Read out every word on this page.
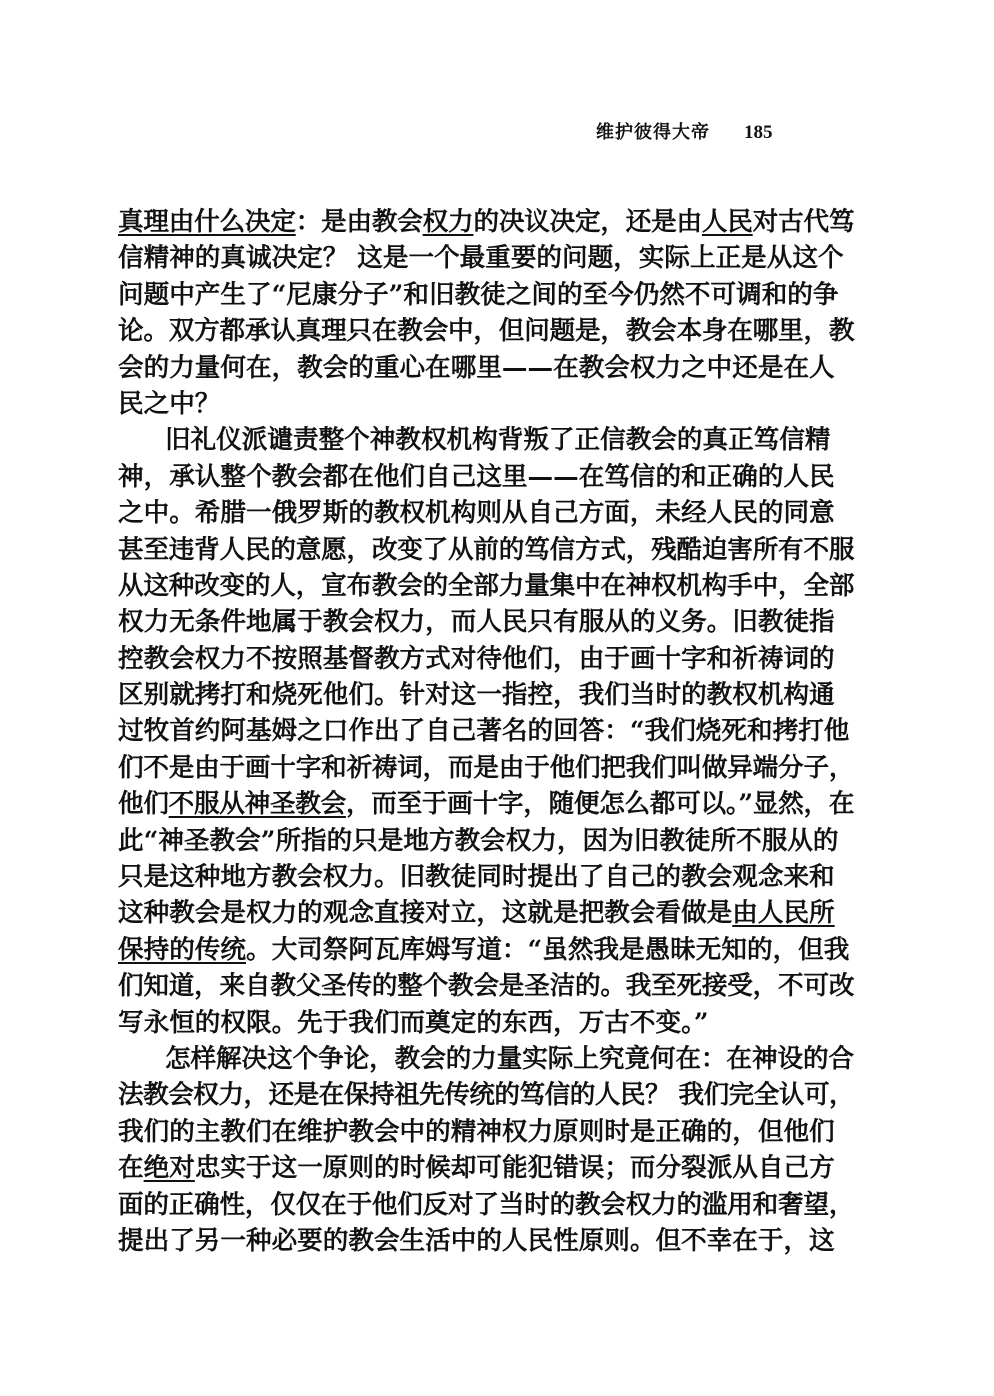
维护彼得大帝 185
真理由什么决定：是由教会权力的决议决定，还是由人民对古代笃
信精神的真诚决定？ 这是一个最重要的问题，实际上正是从这个
问题中产生了“尼康分子”和旧教徒之间的至今仍然不可调和的争
论。双方都承认真理只在教会中，但问题是，教会本身在哪里，教
会的力量何在，教会的重心在哪里——在教会权力之中还是在人
民之中？
旧礼仪派谴责整个神教权机构背叛了正信教会的真正笃信精
神，承认整个教会都在他们自己这里——在笃信的和正确的人民
之中。希腊一俄罗斯的教权机构则从自己方面，未经人民的同意
甚至违背人民的意愿，改变了从前的笃信方式，残酷迫害所有不服
从这种改变的人，宣布教会的全部力量集中在神权机构手中，全部
权力无条件地属于教会权力，而人民只有服从的义务。旧教徒指
控教会权力不按照基督教方式对待他们，由于画十字和祈祷词的
区别就拷打和烧死他们。针对这一指控，我们当时的教权机构通
过牧首约阿基姆之口作出了自己著名的回答：“我们烧死和拷打他
们不是由于画十字和祈祷词，而是由于他们把我们叫做异端分子，
他们不服从神圣教会，而至于画十字，随便怎么都可以。”显然，在
此“神圣教会”所指的只是地方教会权力，因为旧教徒所不服从的
只是这种地方教会权力。旧教徒同时提出了自己的教会观念来和
这种教会是权力的观念直接对立，这就是把教会看做是由人民所
保持的传统。大司祭阿瓦库姆写道：“虽然我是愚昧无知的，但我
们知道，来自教父圣传的整个教会是圣洁的。我至死接受，不可改
写永恒的权限。先于我们而奠定的东西，万古不变。”
怎样解决这个争论，教会的力量实际上究竟何在：在神设的合
法教会权力，还是在保持祖先传统的笃信的人民？ 我们完全认可，
我们的主教们在维护教会中的精神权力原则时是正确的，但他们
在绝对忠实于这一原则的时候却可能犯错误；而分裂派从自己方
面的正确性，仅仅在于他们反对了当时的教会权力的滥用和奢望，
提出了另一种必要的教会生活中的人民性原则。但不幸在于，这
